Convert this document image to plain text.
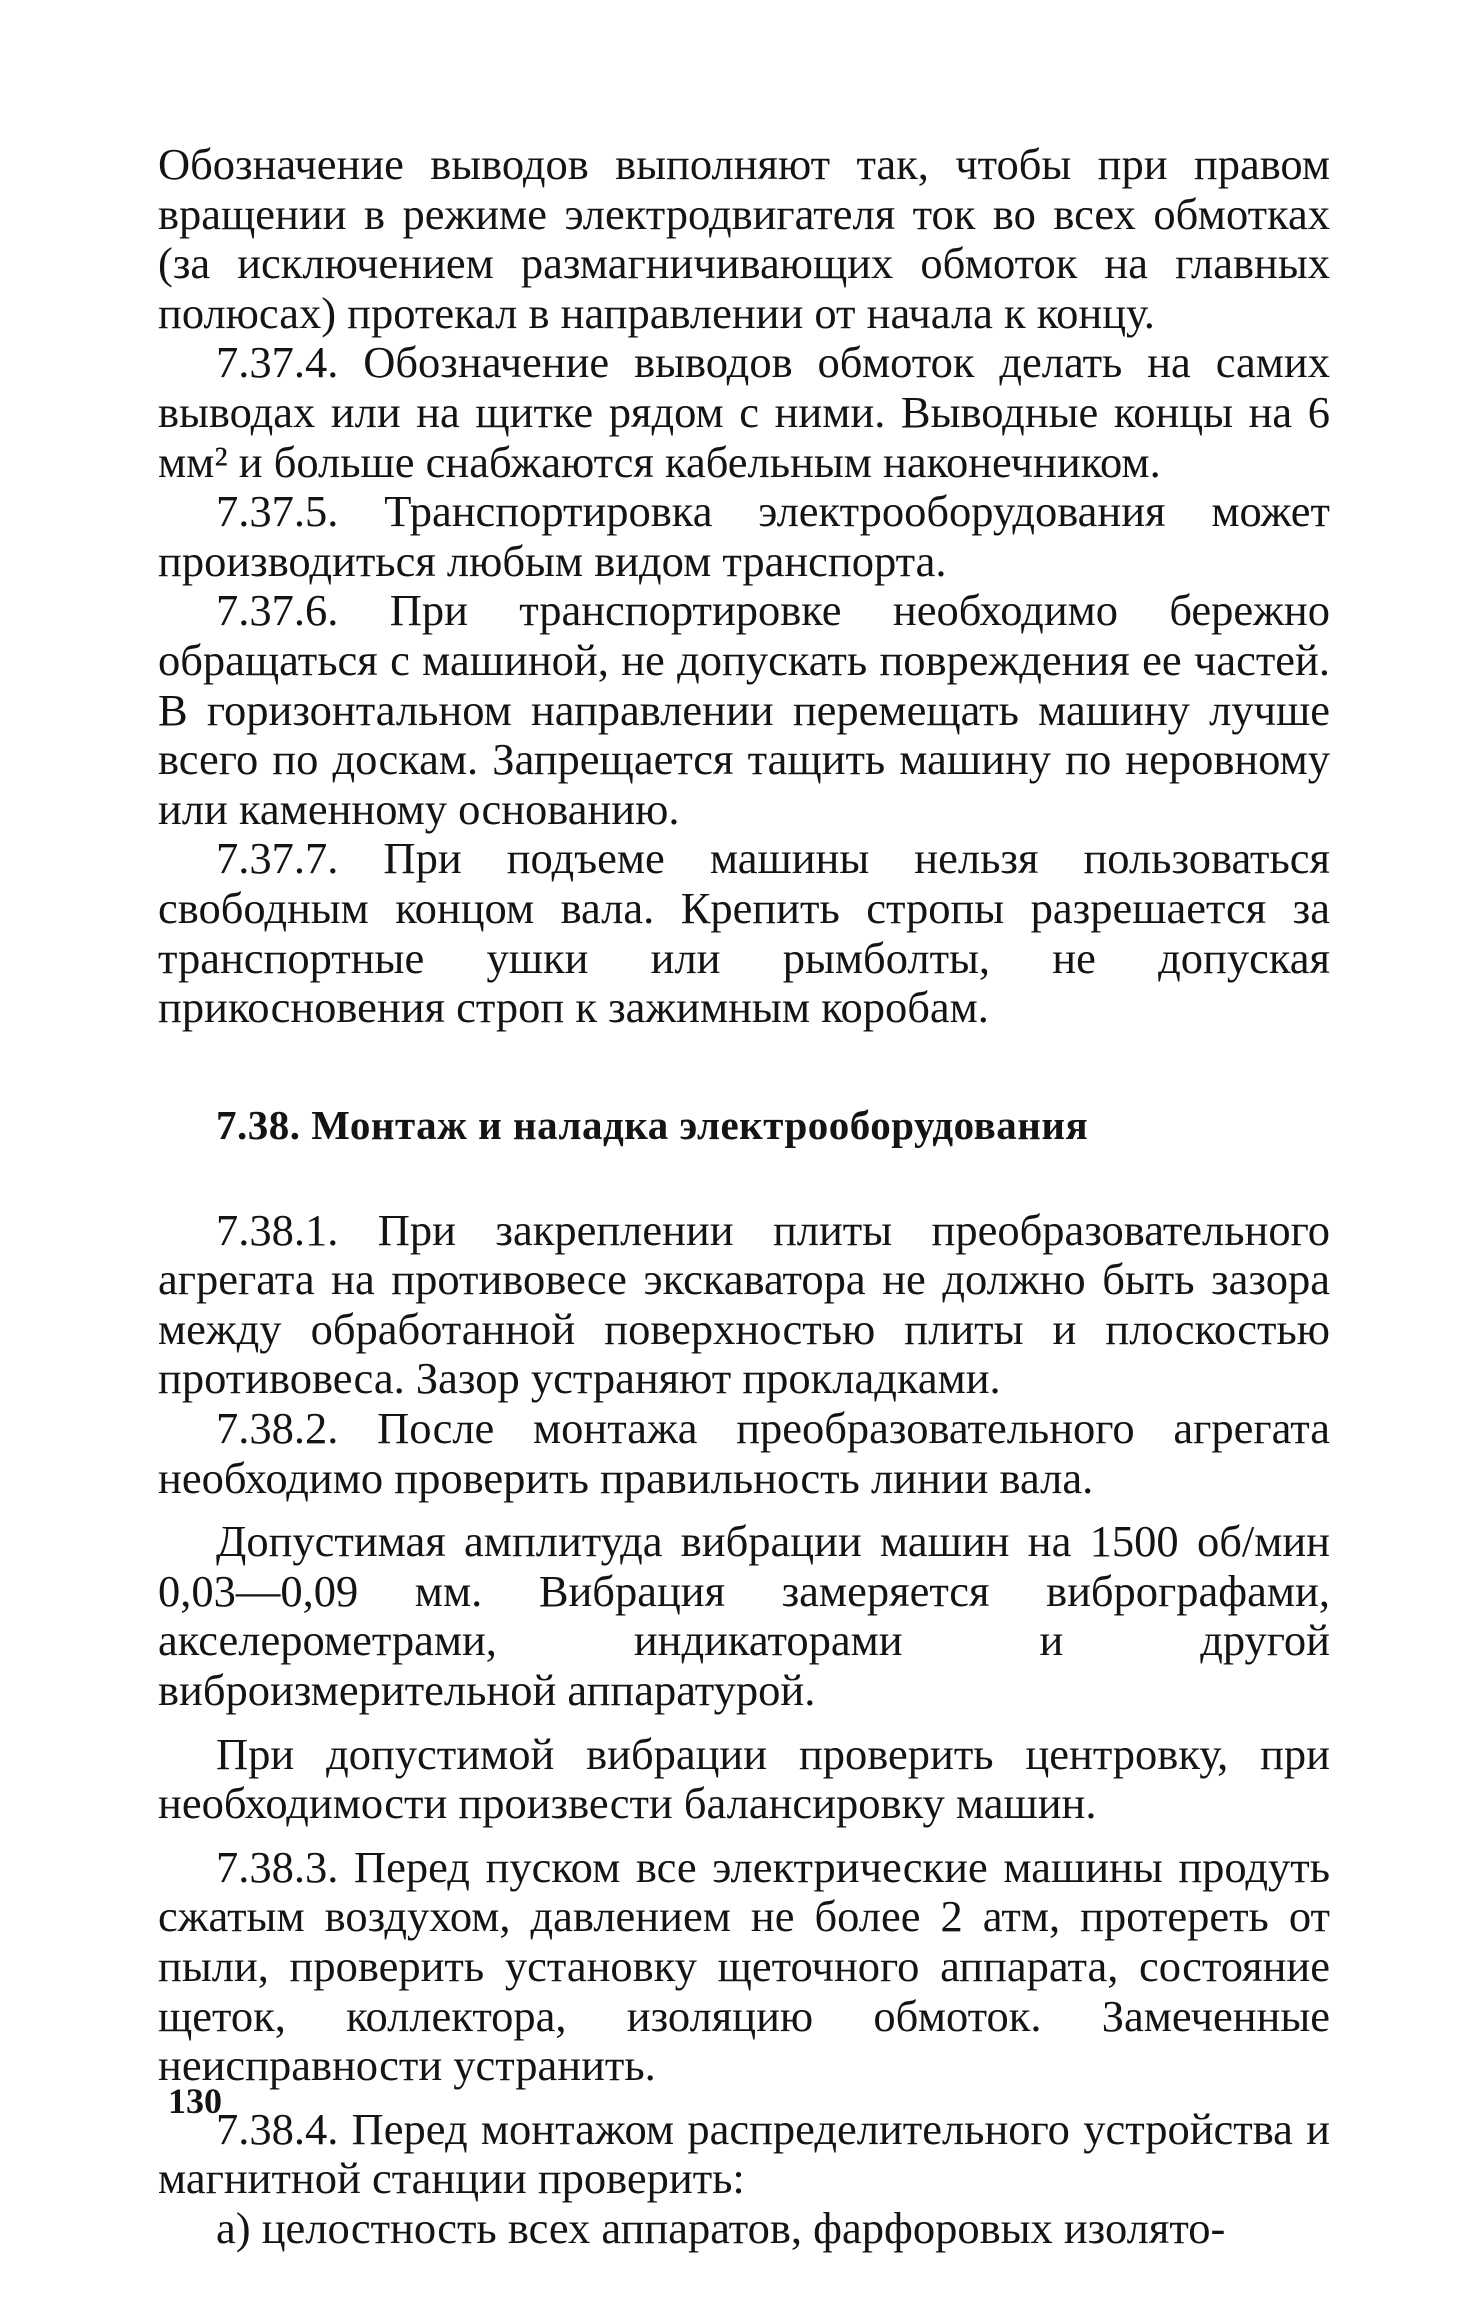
Обозначение выводов выполняют так, чтобы при правом вращении в режиме электродвигателя ток во всех обмотках (за исключением размагничивающих обмоток на главных полюсах) протекал в направлении от начала к концу.

7.37.4. Обозначение выводов обмоток делать на самих выводах или на щитке рядом с ними. Выводные концы на 6 мм² и больше снабжаются кабельным наконечником.

7.37.5. Транспортировка электрооборудования может производиться любым видом транспорта.

7.37.6. При транспортировке необходимо бережно обращаться с машиной, не допускать повреждения ее частей. В горизонтальном направлении перемещать машину лучше всего по доскам. Запрещается тащить машину по неровному или каменному основанию.

7.37.7. При подъеме машины нельзя пользоваться свободным концом вала. Крепить стропы разрешается за транспортные ушки или рымболты, не допуская прикосновения строп к зажимным коробам.

7.38. Монтаж и наладка электрооборудования

7.38.1. При закреплении плиты преобразовательного агрегата на противовесе экскаватора не должно быть зазора между обработанной поверхностью плиты и плоскостью противовеса. Зазор устраняют прокладками.

7.38.2. После монтажа преобразовательного агрегата необходимо проверить правильность линии вала.

Допустимая амплитуда вибрации машин на 1500 об/мин 0,03—0,09 мм. Вибрация замеряется вибрографами, акселерометрами, индикаторами и другой виброизмерительной аппаратурой.

При допустимой вибрации проверить центровку, при необходимости произвести балансировку машин.

7.38.3. Перед пуском все электрические машины продуть сжатым воздухом, давлением не более 2 атм, протереть от пыли, проверить установку щеточного аппарата, состояние щеток, коллектора, изоляцию обмоток. Замеченные неисправности устранить.

7.38.4. Перед монтажом распределительного устройства и магнитной станции проверить:

а) целостность всех аппаратов, фарфоровых изолято-

130
